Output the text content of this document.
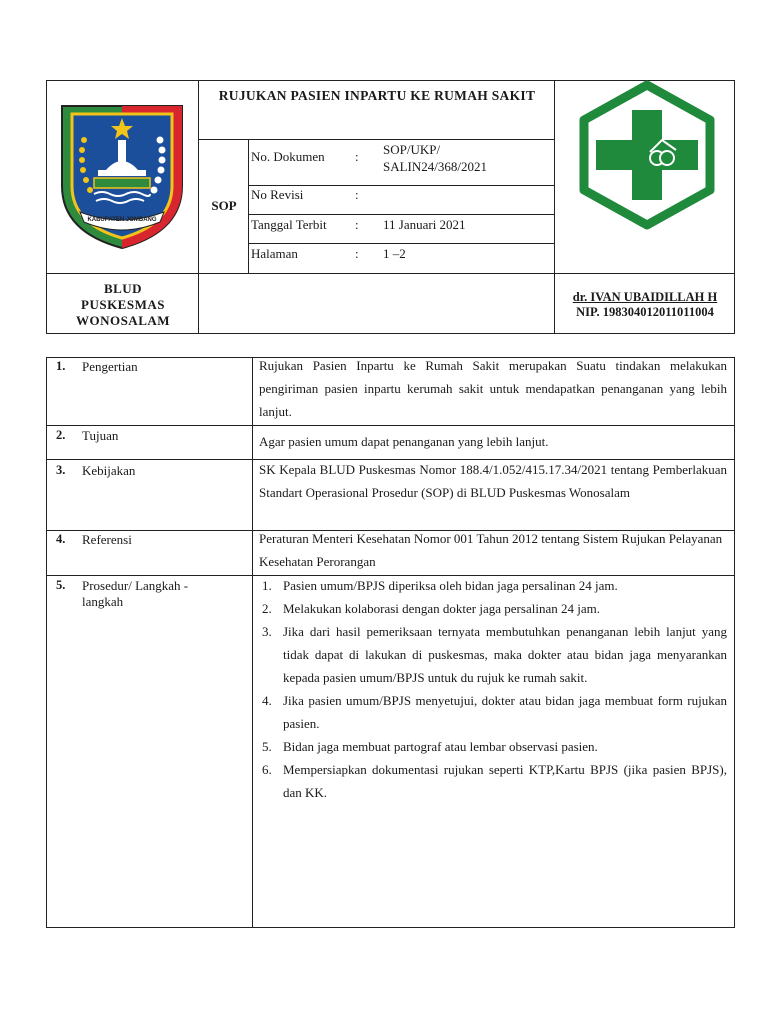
KABUPATEN JOMBANG
RUJUKAN PASIEN INPARTU KE RUMAH SAKIT
SOP
No. Dokumen : SOP/UKP/ SALIN24/368/2021
No Revisi	:
Tanggal Terbit : 11 Januari 2021
Halaman	: 1 –2
BLUD
PUSKESMAS
WONOSALAM
dr. IVAN UBAIDILLAH H
NIP. 198304012011011004
1. Pengertian	Rujukan Pasien Inpartu ke Rumah Sakit merupakan Suatu tindakan melakukan pengiriman pasien inpartu kerumah sakit untuk mendapatkan penanganan yang lebih lanjut.
2. Tujuan	Agar pasien umum dapat penanganan yang lebih lanjut.
3. Kebijakan	SK Kepala BLUD Puskesmas Nomor 188.4/1.052/415.17.34/2021 tentang Pemberlakuan Standart Operasional Prosedur (SOP) di BLUD Puskesmas Wonosalam
4. Referensi	Peraturan Menteri Kesehatan Nomor 001 Tahun 2012 tentang Sistem Rujukan Pelayanan Kesehatan Perorangan
5. Prosedur/ Langkah - langkah
1. Pasien umum/BPJS diperiksa oleh bidan jaga persalinan 24 jam.
2. Melakukan kolaborasi dengan dokter jaga persalinan 24 jam.
3. Jika dari hasil pemeriksaan ternyata membutuhkan penanganan lebih lanjut yang tidak dapat di lakukan di puskesmas, maka dokter atau bidan jaga menyarankan kepada pasien umum/BPJS untuk du rujuk ke rumah sakit.
4. Jika pasien umum/BPJS menyetujui, dokter atau bidan jaga membuat form rujukan pasien.
5. Bidan jaga membuat partograf atau lembar observasi pasien.
6. Mempersiapkan dokumentasi rujukan seperti KTP,Kartu BPJS (jika pasien BPJS), dan KK.
